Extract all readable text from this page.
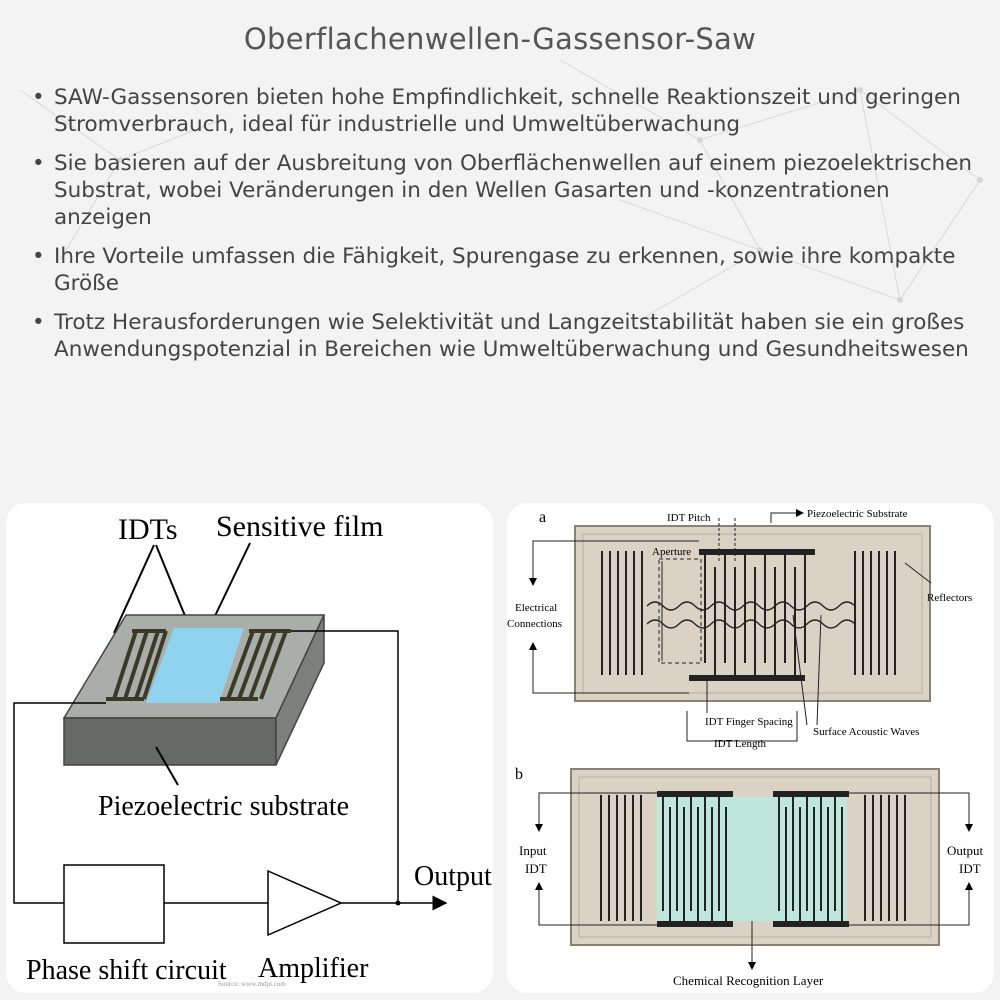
Oberflachenwellen-Gassensor-Saw
• SAW-Gassensoren bieten hohe Empfindlichkeit, schnelle Reaktionszeit und geringen Stromverbrauch, ideal für industrielle und Umweltüberwachung
• Sie basieren auf der Ausbreitung von Oberflächenwellen auf einem piezoelektrischen Substrat, wobei Veränderungen in den Wellen Gasarten und -konzentrationen anzeigen
• Ihre Vorteile umfassen die Fähigkeit, Spurengase zu erkennen, sowie ihre kompakte Größe
• Trotz Herausforderungen wie Selektivität und Langzeitstabilität haben sie ein großes Anwendungspotenzial in Bereichen wie Umweltüberwachung und Gesundheitswesen
IDTs Sensitive film
Piezoelectric substrate
Output
Phase shift circuit Amplifier
Source: www.mdpi.com
a
Aperture
IDT Pitch	Piezoelectric Substrate
Electrical
Connections
Reflectors
IDT Finger Spacing
Surface Acoustic Waves
IDT Length
b
Input
IDT
Output
IDT
Chemical Recognition Layer
